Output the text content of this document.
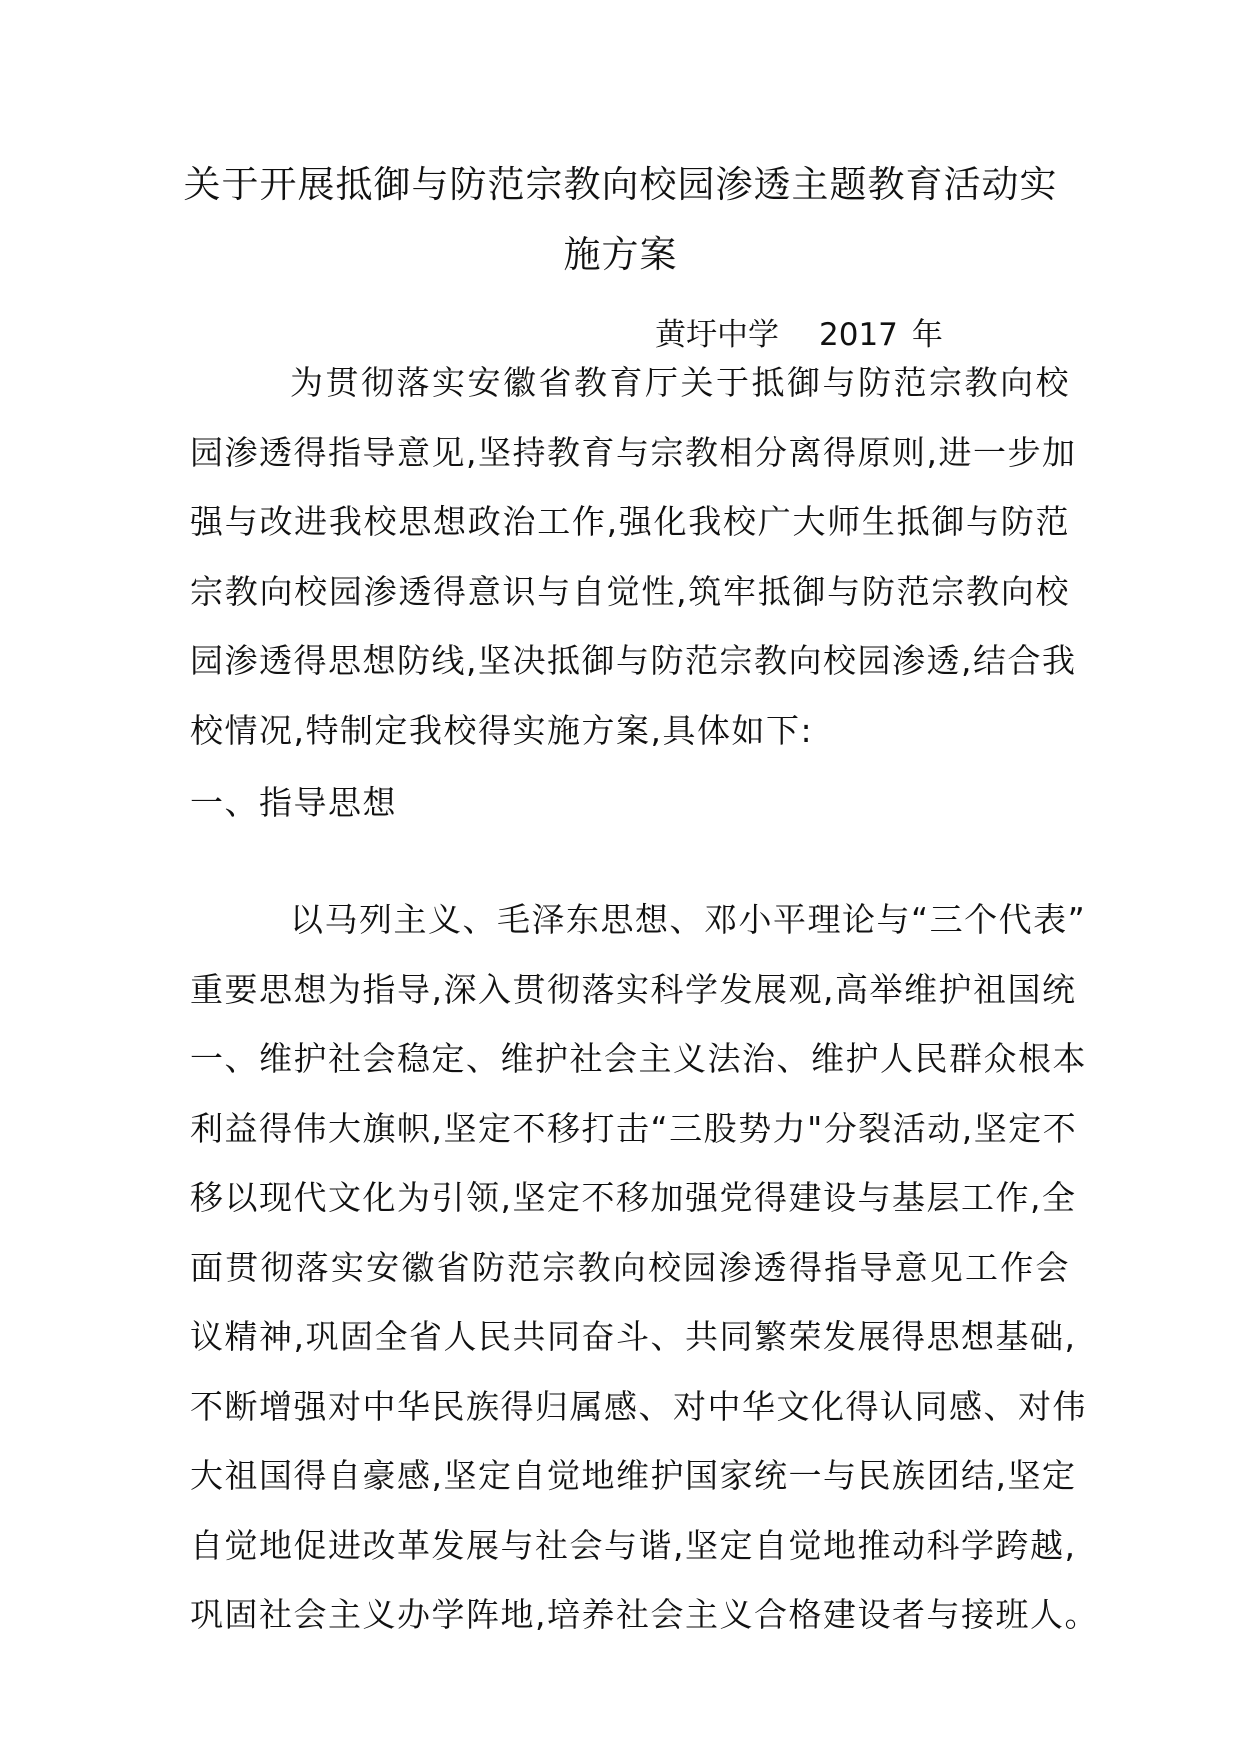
关于开展抵御与防范宗教向校园渗透主题教育活动实
施方案
黄圩中学 2017 年

为贯彻落实安徽省教育厅关于抵御与防范宗教向校
园渗透得指导意见,坚持教育与宗教相分离得原则,进一步加
强与改进我校思想政治工作,强化我校广大师生抵御与防范
宗教向校园渗透得意识与自觉性,筑牢抵御与防范宗教向校
园渗透得思想防线,坚决抵御与防范宗教向校园渗透,结合我
校情况,特制定我校得实施方案,具体如下:

一、指导思想

以马列主义、毛泽东思想、邓小平理论与“三个代表”
重要思想为指导,深入贯彻落实科学发展观,高举维护祖国统
一、维护社会稳定、维护社会主义法治、维护人民群众根本
利益得伟大旗帜,坚定不移打击“三股势力"分裂活动,坚定不
移以现代文化为引领,坚定不移加强党得建设与基层工作,全
面贯彻落实安徽省防范宗教向校园渗透得指导意见工作会
议精神,巩固全省人民共同奋斗、共同繁荣发展得思想基础,
不断增强对中华民族得归属感、对中华文化得认同感、对伟
大祖国得自豪感,坚定自觉地维护国家统一与民族团结,坚定
自觉地促进改革发展与社会与谐,坚定自觉地推动科学跨越,
巩固社会主义办学阵地,培养社会主义合格建设者与接班人。
